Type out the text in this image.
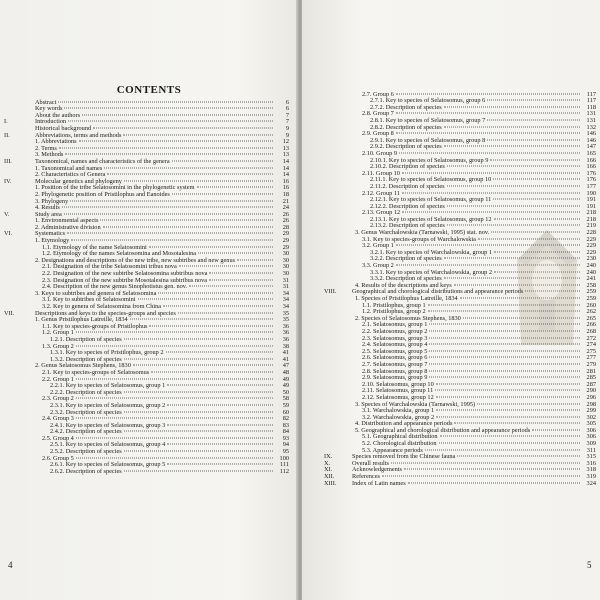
CONTENTS
Abstract	6
Key words	6
About the authors	7
I.	Introduction	7
Historical background	9
II.	Abbreviations, terms and methods	9
1. Abbreviations	12
2. Terms	13
3. Methods	13
III.	Taxonomical, names and characteristics of the genera	14
1. Taxonomical and names	14
2. Characteristics of Genera	14
IV.	Molecular genetics and phylogeny	16
1. Position of the tribe Selatosomini in the phylogenetic system	16
2. Phylogenetic position of Pristilophus and Eanoides	18
3. Phylogeny	21
4. Results	24
V.	Study area	26
1. Environmental aspects	26
2. Administrative division	28
VI.	Systematics	29
1. Etymology	29
1.1. Etymology of the name Selatosomini	29
1.2. Etymology of the names Selatosomina and Mosotalesina	30
2. Designations and descriptions of the new tribe, new subtribes and new genus	30
2.1. Designation of the tribe Selatosomini tribus nova	30
2.2. Designation of the new subtribe Selatosomina subtribus nova	30
2.3. Designation of the new subtribe Mosotalesina subtribus nova	31
2.4. Description of the new genus Sinophotistus gen. nov.	31
3. Keys to subtribes and genera of Selatosomina	34
3.1. Key to subtribes of Selatosomini	34
3.2. Key to genera of Selatosomina from China	34
VII.	Descriptions and keys to the species-groups and species	35
1. Genus Pristilophus Latreille, 1834	35
1.1. Key to species-groups of Pristilophus	36
1.2. Group 1	36
1.2.1. Description of species	36
1.3. Group 2	38
1.3.1. Key to species of Pristilophus, group 2	41
1.3.2. Description of species	41
2. Genus Selatosomus Stephens, 1830	47
2.1. Key to species-groups of Selatosomus	48
2.2. Group 1	49
2.2.1. Key to species of Selatosomus, group 1	49
2.2.2. Description of species	50
2.3. Group 2	58
2.3.1. Key to species of Selatosomus, group 2	59
2.3.2. Description of species	60
2.4. Group 3	82
2.4.1. Key to species of Selatosomus, group 3	83
2.4.2. Description of species	84
2.5. Group 4	93
2.5.1. Key to species of Selatosomus, group 4	94
2.5.2. Description of species	95
2.6. Group 5	100
2.6.1. Key to species of Selatosomus, group 5	111
2.6.2. Description of species	112
4
2.7. Group 6	117
2.7.1. Key to species of Selatosomus, group 6	117
2.7.2. Description of species	118
2.8. Group 7	131
2.8.1. Key to species of Selatosomus, group 7	131
2.8.2. Description of species	132
2.9. Group 8	146
2.9.1. Key to species of Selatosomus, group 8	146
2.9.2. Description of species	147
2.10. Group 9	165
2.10.1. Key to species of Selatosomus, group 9	166
2.10.2. Description of species	166
2.11. Group 10	176
2.11.1. Key to species of Selatosomus, group 10	176
2.11.2. Description of species	177
2.12. Group 11	190
2.12.1. Key to species of Selatosomus, group 11	191
2.12.2. Description of species	191
2.13. Group 12	218
2.13.1. Key to species of Selatosomus, group 12	218
2.13.2. Description of species	219
3. Genus Warchalowskia (Tarnawski, 1995) stat. nov.	228
3.1. Key to species-groups of Warchalowskia	229
3.2. Group 1	229
3.2.1. Key to species of Warchalowskia, group 1	229
3.2.2. Description of species	230
3.3. Group 2	240
3.3.1. Key to species of Warchalowskia, group 2	240
3.3.2. Description of species	241
4. Results of the descriptions and keys	258
VIII.	Geographical and chorological distributions and appearance periods	259
1. Species of Pristilophus Latreille, 1834	259
1.1. Pristilophus, group 1	260
1.2. Pristilophus, group 2	262
2. Species of Selatosomus Stephens, 1830	265
2.1. Selatosomus, group 1	266
2.2. Selatosomus, group 2	268
2.3. Selatosomus, group 3	272
2.4. Selatosomus, group 4	274
2.5. Selatosomus, group 5	275
2.6. Selatosomus, group 6	277
2.7. Selatosomus, group 7	279
2.8. Selatosomus, group 8	281
2.9. Selatosomus, group 9	285
2.10. Selatosomus, group 10	287
2.11. Selatosomus, group 11	290
2.12. Selatosomus, group 12	296
3. Species of Warchalowskia (Tarnawski, 1995)	298
3.1. Warchalowskia, group 1	299
3.2. Warchalowskia, group 2	302
4. Distribution and appearance periods	305
5. Geographical and chorological distribution and appearance periods	306
5.1. Geographical distribution	306
5.2. Chorological distribution	309
5.3. Appearance periods	311
IX.	Species removed from the Chinese fauna	315
X.	Overall results	316
XI.	Acknowledgements	318
XII.	References	319
XIII.	Index of Latin names	324
5
